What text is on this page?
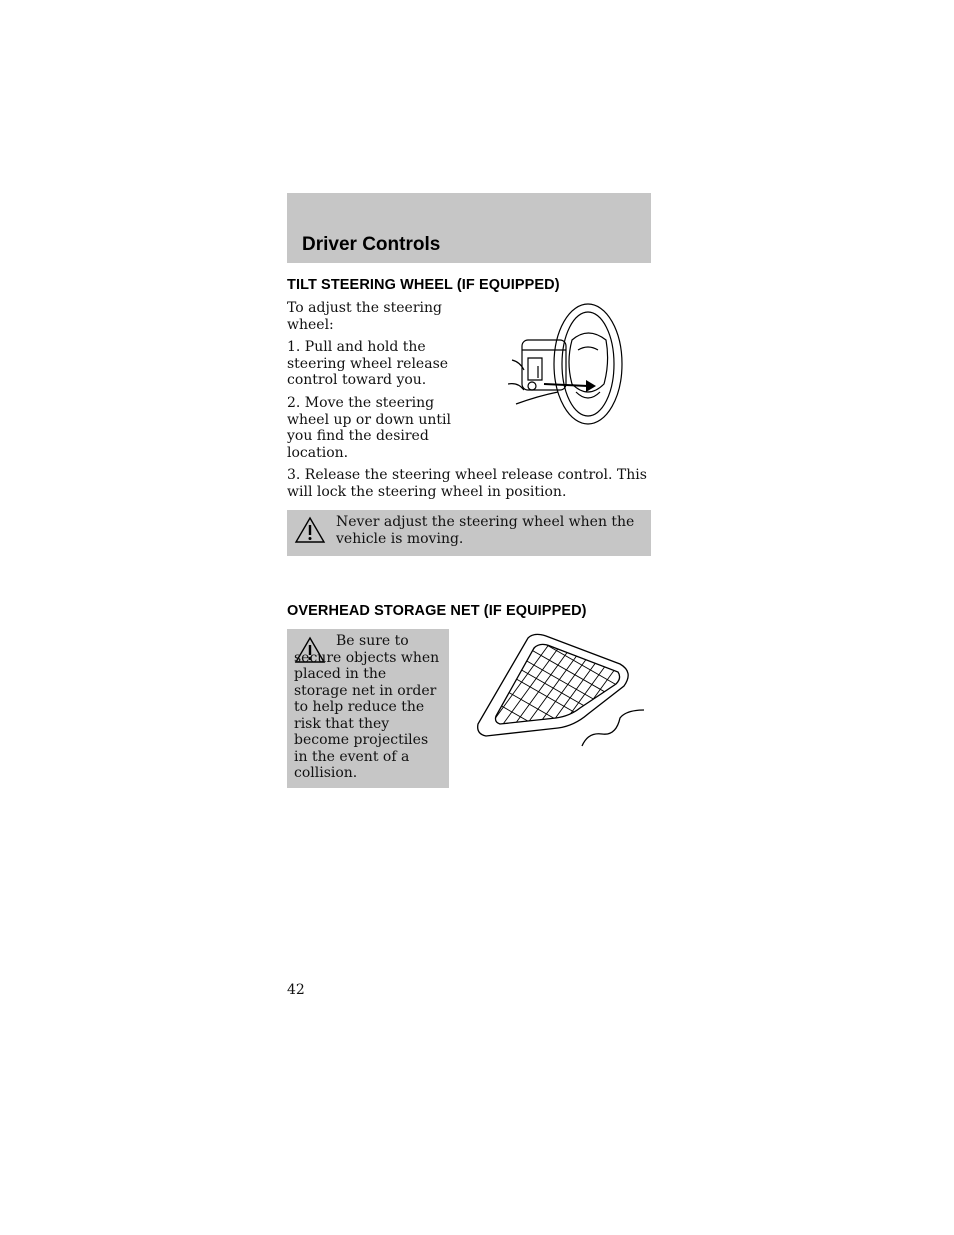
Driver Controls
TILT STEERING WHEEL (IF EQUIPPED)

To adjust the steering wheel:

1. Pull and hold the steering wheel release control toward you.

2. Move the steering wheel up or down until you find the desired location.

3. Release the steering wheel release control. This will lock the steering wheel in position.

Never adjust the steering wheel when the vehicle is moving.

OVERHEAD STORAGE NET (IF EQUIPPED)

Be sure to secure objects when placed in the storage net in order to help reduce the risk that they become projectiles in the event of a collision.

42
